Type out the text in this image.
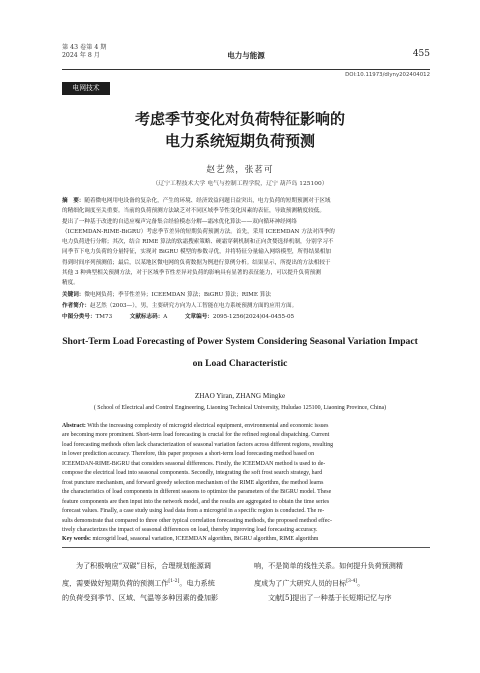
第 43 卷第 4 期
2024 年 8 月	电力与能源	455
DOI:10.11973/dlyny202404012
电网技术
考虑季节变化对负荷特征影响的
电力系统短期负荷预测
赵艺然，张茗可
（辽宁工程技术大学 电气与控制工程学院，辽宁 葫芦岛 125100）
摘　要：随着微电网用电设备的复杂化，产生的环境、经济效益问题日益突出，电力负荷的短期预测对于区域
的精细化调度至关重要。当前的负荷预测方法缺乏对不同区域季节性变化因素的表征，导致预测精度较低。
提出了一种基于改进的自适应噪声完备集合经验模态分解—霜冰优化算法——双向循环神经网络
（ICEEMDAN-RIME-BiGRU）考虑季节差异的短期负荷预测方法。首先，采用 ICEEMDAN 方法对四季的
电力负荷进行分解；其次，结合 RIME 算法的软霜搜索策略、硬霜穿刺机制和正向贪婪选择机制，分别学习不
同季节下电力负荷的分量特征，实现对 BiGRU 模型的参数寻优，并将特征分量输入网络模型，所得结果相加
得到时间序列预测值；最后，以某地区微电网的负荷数据为例进行算例分析。结果显示，所提出的方法相较于
其他 3 种典型相关预测方法，对于区域季节性差异对负荷的影响具有显著的表征能力，可以提升负荷预测
精度。
关键词：微电网负荷；季节性差异；ICEEMDAN 算法；BiGRU 算法；RIME 算法
作者简介：赵艺然（2003—），男，主要研究方向为人工智能在电力系统预测方面的应用方面。
中图分类号：TM73	文献标志码：A	文章编号：2095-1256(2024)04-0455-05
Short-Term Load Forecasting of Power System Considering Seasonal Variation Impact
on Load Characteristic
ZHAO Yiran, ZHANG Mingke
( School of Electrical and Control Engineering, Liaoning Technical University, Huludao 125100, Liaoning Province, China)
Abstract: With the increasing complexity of microgrid electrical equipment, environmental and economic issues
are becoming more prominent. Short-term load forecasting is crucial for the refined regional dispatching. Current
load forecasting methods often lack characterization of seasonal variation factors across different regions, resulting
in lower prediction accuracy. Therefore, this paper proposes a short-term load forecasting method based on
ICEEMDAN-RIME-BiGRU that considers seasonal differences. Firstly, the ICEEMDAN method is used to de-
compose the electrical load into seasonal components. Secondly, integrating the soft frost search strategy, hard
frost puncture mechanism, and forward greedy selection mechanism of the RIME algorithm, the method learns
the characteristics of load components in different seasons to optimize the parameters of the BiGRU model. These
feature components are then input into the network model, and the results are aggregated to obtain the time series
forecast values. Finally, a case study using load data from a microgrid in a specific region is conducted. The re-
sults demonstrate that compared to three other typical correlation forecasting methods, the proposed method effec-
tively characterizes the impact of seasonal differences on load, thereby improving load forecasting accuracy.
Key words: microgrid load, seasonal variation, ICEEMDAN algorithm, BiGRU algorithm, RIME algorithm

为了积极响应“双碳”目标，合理规划能源调
度，需要做好短期负荷的预测工作[1-2]。电力系统
的负荷受到季节、区域、气温等多种因素的叠加影

响，不是简单的线性关系。如何提升负荷预测精
度成为了广大研究人员的目标[3-4]。
文献[5]提出了一种基于长短期记忆与序
